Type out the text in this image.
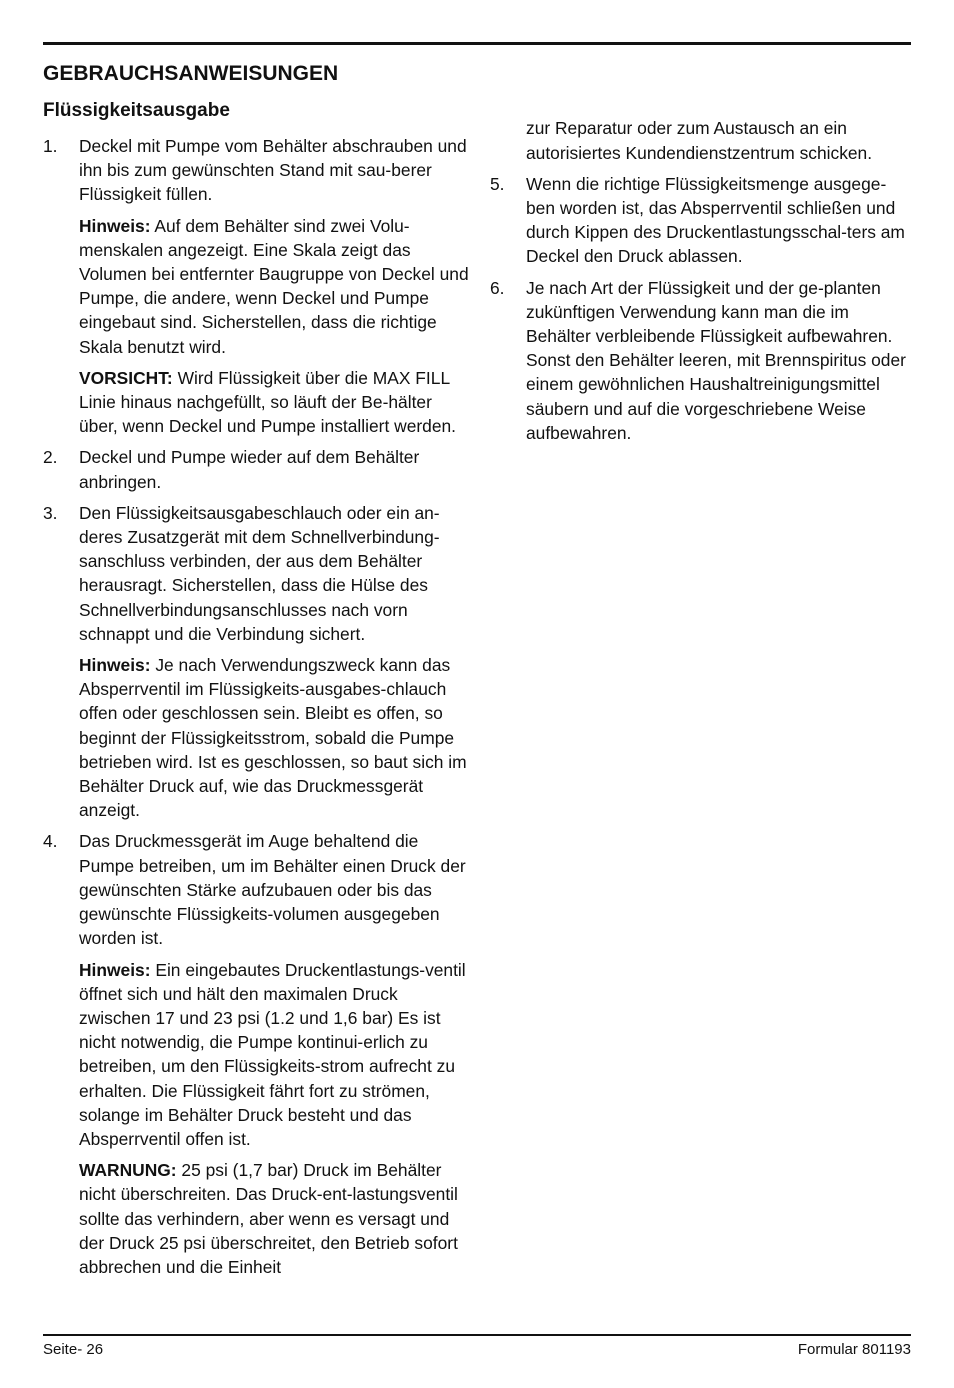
GEBRAUCHSANWEISUNGEN
Flüssigkeitsausgabe
1. Deckel mit Pumpe vom Behälter abschrauben und ihn bis zum gewünschten Stand mit sau-berer Flüssigkeit füllen.

Hinweis: Auf dem Behälter sind zwei Volu-menskalen angezeigt. Eine Skala zeigt das Volumen bei entfernter Baugruppe von Deckel und Pumpe, die andere, wenn Deckel und Pumpe eingebaut sind. Sicherstellen, dass die richtige Skala benutzt wird.

VORSICHT: Wird Flüssigkeit über die MAX FILL Linie hinaus nachgefüllt, so läuft der Be-hälter über, wenn Deckel und Pumpe installiert werden.

2. Deckel und Pumpe wieder auf dem Behälter anbringen.

3. Den Flüssigkeitsausgabeschlauch oder ein an-deres Zusatzgerät mit dem Schnellverbindung-sanschluss verbinden, der aus dem Behälter herausragt. Sicherstellen, dass die Hülse des Schnellverbindungsanschlusses nach vorn schnappt und die Verbindung sichert.

Hinweis: Je nach Verwendungszweck kann das Absperrventil im Flüssigkeits-ausgabes-chlauch offen oder geschlossen sein. Bleibt es offen, so beginnt der Flüssigkeitsstrom, sobald die Pumpe betrieben wird. Ist es geschlossen, so baut sich im Behälter Druck auf, wie das Druckmessgerät anzeigt.

4. Das Druckmessgerät im Auge behaltend die Pumpe betreiben, um im Behälter einen Druck der gewünschten Stärke aufzubauen oder bis das gewünschte Flüssigkeits-volumen ausgegeben worden ist.

Hinweis: Ein eingebautes Druckentlastungs-ventil öffnet sich und hält den maximalen Druck zwischen 17 und 23 psi (1.2 und 1,6 bar) Es ist nicht notwendig, die Pumpe kontinui-erlich zu betreiben, um den Flüssigkeits-strom aufrecht zu erhalten. Die Flüssigkeit fährt fort zu strömen, solange im Behälter Druck besteht und das Absperrventil offen ist.

WARNUNG: 25 psi (1,7 bar) Druck im Behälter nicht überschreiten. Das Druck-ent-lastungsventil sollte das verhindern, aber wenn es versagt und der Druck 25 psi überschreitet, den Betrieb sofort abbrechen und die Einheit

zur Reparatur oder zum Austausch an ein autorisiertes Kundendienstzentrum schicken.

5. Wenn die richtige Flüssigkeitsmenge ausgege-ben worden ist, das Absperrventil schließen und durch Kippen des Druckentlastungsschal-ters am Deckel den Druck ablassen.

6. Je nach Art der Flüssigkeit und der ge-planten zukünftigen Verwendung kann man die im Behälter verbleibende Flüssigkeit aufbewahren. Sonst den Behälter leeren, mit Brennspiritus oder einem gewöhnlichen Haushaltreinigungsmittel säubern und auf die vorgeschriebene Weise aufbewahren.

Seite- 26	Formular 801193
